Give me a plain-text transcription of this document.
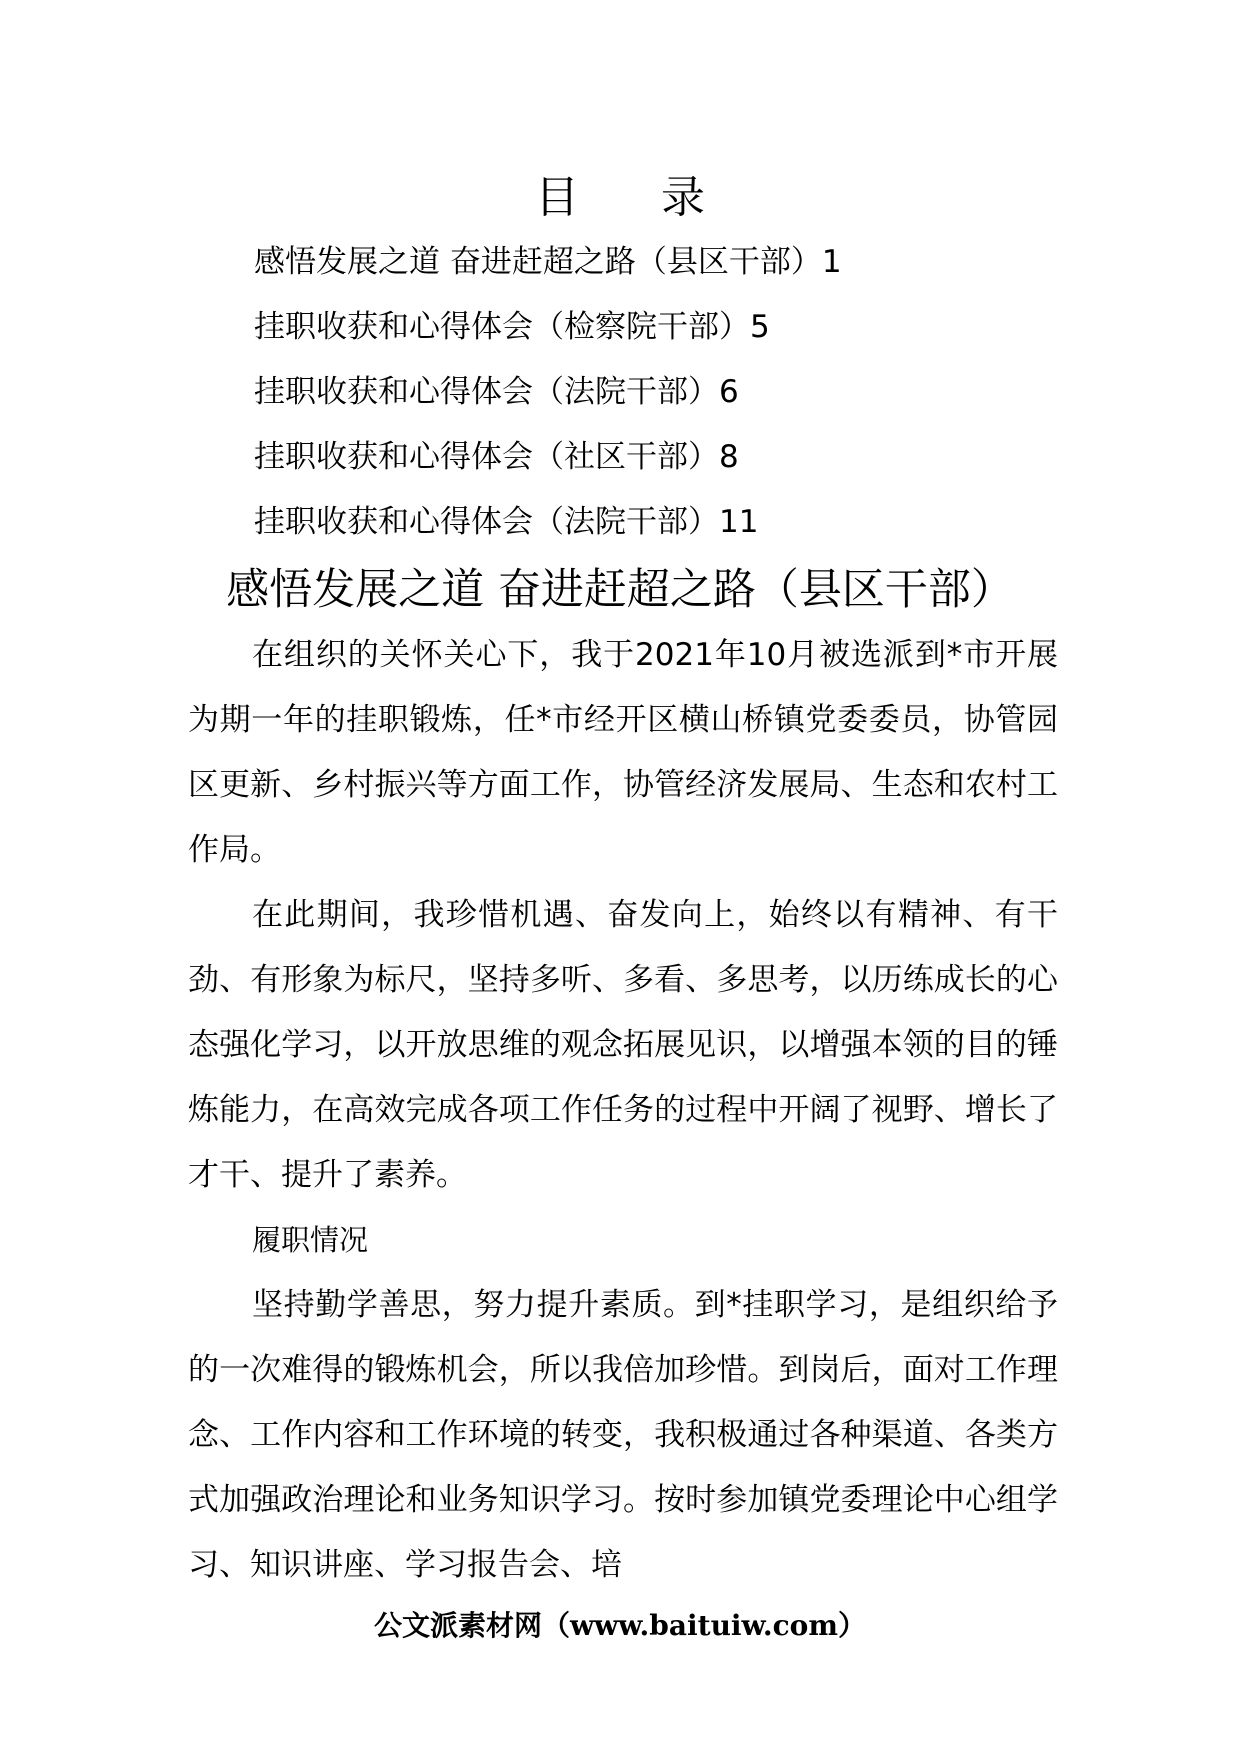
目 录
感悟发展之道 奋进赶超之路（县区干部）1
挂职收获和心得体会（检察院干部）5
挂职收获和心得体会（法院干部）6
挂职收获和心得体会（社区干部）8
挂职收获和心得体会（法院干部）11
感悟发展之道 奋进赶超之路（县区干部）

在组织的关怀关心下，我于2021年10月被选派到*市开展为期一年的挂职锻炼，任*市经开区横山桥镇党委委员，协管园区更新、乡村振兴等方面工作，协管经济发展局、生态和农村工作局。

在此期间，我珍惜机遇、奋发向上，始终以有精神、有干劲、有形象为标尺，坚持多听、多看、多思考，以历练成长的心态强化学习，以开放思维的观念拓展见识，以增强本领的目的锤炼能力，在高效完成各项工作任务的过程中开阔了视野、增长了才干、提升了素养。

履职情况

坚持勤学善思，努力提升素质。到*挂职学习，是组织给予的一次难得的锻炼机会，所以我倍加珍惜。到岗后，面对工作理念、工作内容和工作环境的转变，我积极通过各种渠道、各类方式加强政治理论和业务知识学习。按时参加镇党委理论中心组学习、知识讲座、学习报告会、培

公文派素材网（www.baituiw.com）
